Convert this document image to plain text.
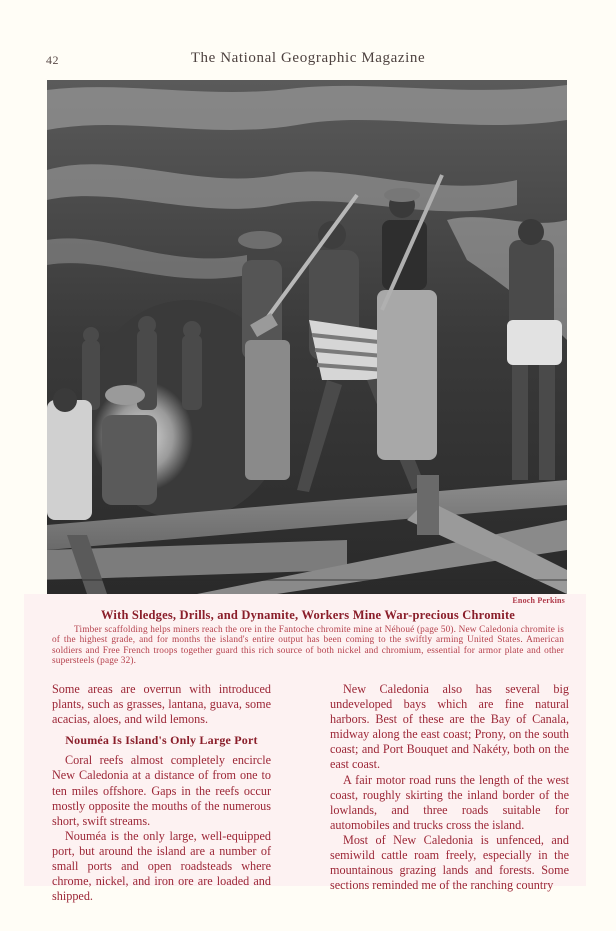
42	The National Geographic Magazine
Enoch Perkins
With Sledges, Drills, and Dynamite, Workers Mine War-precious Chromite
Timber scaffolding helps miners reach the ore in the Fantoche chromite mine at Néhoué (page 50). New Caledonia chromite is of the highest grade, and for months the island's entire output has been coming to the swiftly arming United States. American soldiers and Free French troops together guard this rich source of both nickel and chromium, essential for armor plate and other supersteels (page 32).

Some areas are overrun with introduced plants, such as grasses, lantana, guava, some acacias, aloes, and wild lemons.

Nouméa Is Island's Only Large Port

Coral reefs almost completely encircle New Caledonia at a distance of from one to ten miles offshore. Gaps in the reefs occur mostly opposite the mouths of the numerous short, swift streams.

Nouméa is the only large, well-equipped port, but around the island are a number of small ports and open roadsteads where chrome, nickel, and iron ore are loaded and shipped.

New Caledonia also has several big undeveloped bays which are fine natural harbors. Best of these are the Bay of Canala, midway along the east coast; Prony, on the south coast; and Port Bouquet and Nakéty, both on the east coast.

A fair motor road runs the length of the west coast, roughly skirting the inland border of the lowlands, and three roads suitable for automobiles and trucks cross the island.

Most of New Caledonia is unfenced, and semiwild cattle roam freely, especially in the mountainous grazing lands and forests. Some sections reminded me of the ranching country
